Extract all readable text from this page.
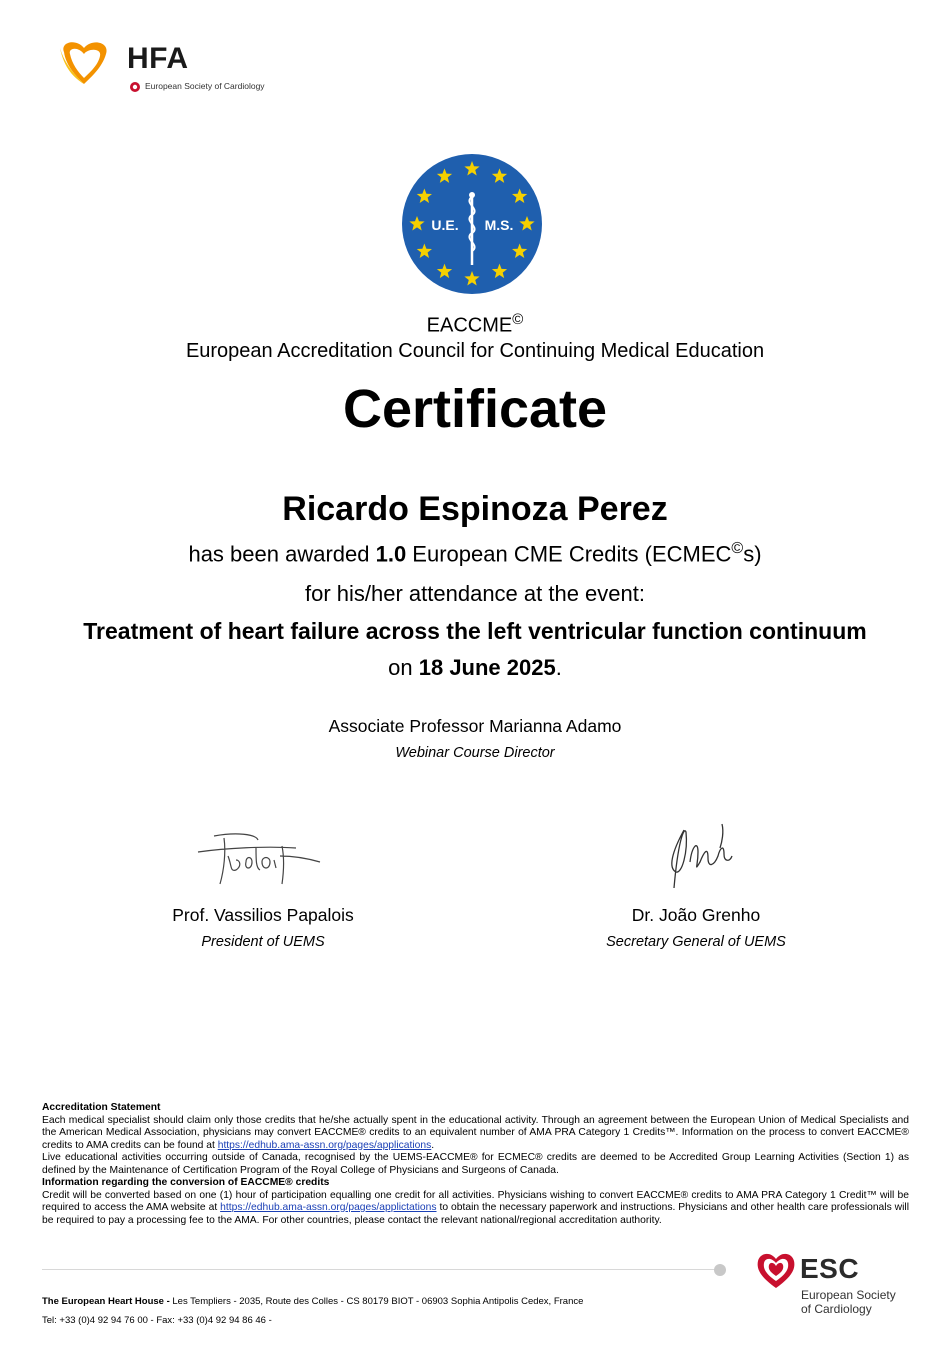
HFA
European Society of Cardiology
U.E. M.S.
EACCME©
European Accreditation Council for Continuing Medical Education
Certificate
Ricardo Espinoza Perez
has been awarded 1.0 European CME Credits (ECMEC©s)
for his/her attendance at the event:
Treatment of heart failure across the left ventricular function continuum
on 18 June 2025.
Associate Professor Marianna Adamo
Webinar Course Director
Prof. Vassilios Papalois
President of UEMS
Dr. João Grenho
Secretary General of UEMS
Accreditation Statement
Each medical specialist should claim only those credits that he/she actually spent in the educational activity. Through an agreement between the European Union of Medical Specialists and the American Medical Association, physicians may convert EACCME® credits to an equivalent number of AMA PRA Category 1 Credits™. Information on the process to convert EACCME® credits to AMA credits can be found at https://edhub.ama-assn.org/pages/applications.
Live educational activities occurring outside of Canada, recognised by the UEMS-EACCME® for ECMEC® credits are deemed to be Accredited Group Learning Activities (Section 1) as defined by the Maintenance of Certification Program of the Royal College of Physicians and Surgeons of Canada.
Information regarding the conversion of EACCME® credits
Credit will be converted based on one (1) hour of participation equalling one credit for all activities. Physicians wishing to convert EACCME® credits to AMA PRA Category 1 Credit™ will be required to access the AMA website at https://edhub.ama-assn.org/pages/applictations to obtain the necessary paperwork and instructions. Physicians and other health care professionals will be required to pay a processing fee to the AMA. For other countries, please contact the relevant national/regional accreditation authority.
The European Heart House - Les Templiers - 2035, Route des Colles - CS 80179 BIOT - 06903 Sophia Antipolis Cedex, France
Tel: +33 (0)4 92 94 76 00 - Fax: +33 (0)4 92 94 86 46 -
ESC
European Society
of Cardiology
